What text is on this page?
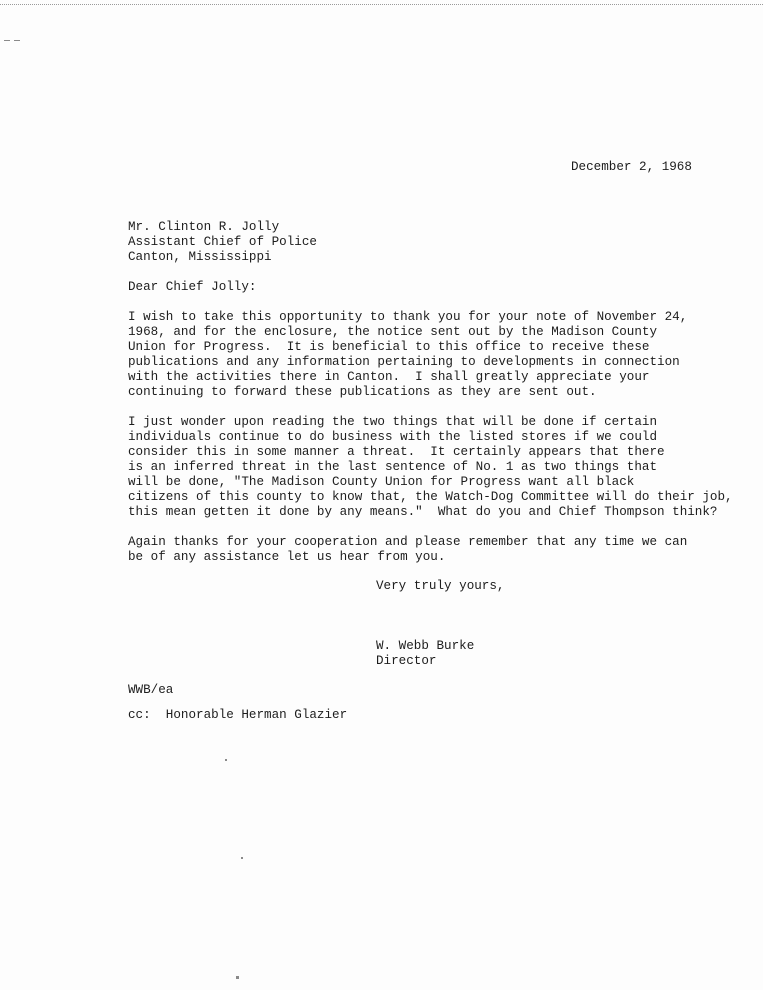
December 2, 1968
Mr. Clinton R. Jolly
Assistant Chief of Police
Canton, Mississippi
Dear Chief Jolly:
I wish to take this opportunity to thank you for your note of November 24,
1968, and for the enclosure, the notice sent out by the Madison County
Union for Progress.  It is beneficial to this office to receive these
publications and any information pertaining to developments in connection
with the activities there in Canton.  I shall greatly appreciate your
continuing to forward these publications as they are sent out.
I just wonder upon reading the two things that will be done if certain
individuals continue to do business with the listed stores if we could
consider this in some manner a threat.  It certainly appears that there
is an inferred threat in the last sentence of No. 1 as two things that
will be done, "The Madison County Union for Progress want all black
citizens of this county to know that, the Watch-Dog Committee will do their job,
this mean getten it done by any means."  What do you and Chief Thompson think?
Again thanks for your cooperation and please remember that any time we can
be of any assistance let us hear from you.
Very truly yours,
W. Webb Burke
Director
WWB/ea
cc:  Honorable Herman Glazier
